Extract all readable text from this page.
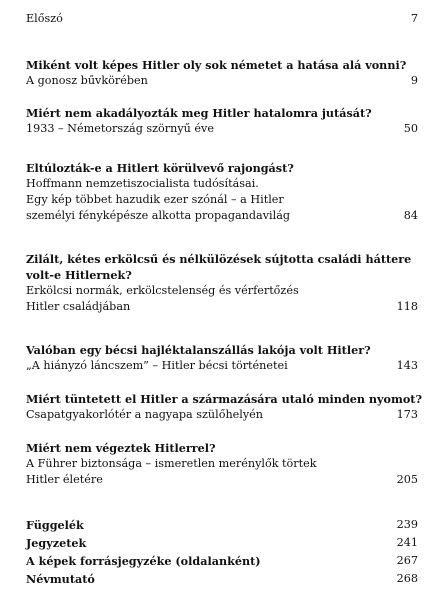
Előszó	7
Miként volt képes Hitler oly sok németet a hatása alá vonni?
A gonosz bűvkörében	9
Miért nem akadályozták meg Hitler hatalomra jutását?
1933 – Németország szörnyű éve	50
Eltúlozták-e a Hitlert körülvevő rajongást?
Hoffmann nemzetiszocialista tudósításai.
Egy kép többet hazudik ezer szónál – a Hitler
személyi fényképésze alkotta propagandavilág	84
Zilált, kétes erkölcsű és nélkülözések sújtotta családi háttere
volt-e Hitlernek?
Erkölcsi normák, erkölcstelenség és vérfertőzés
Hitler családjában	118
Valóban egy bécsi hajléktalanszállás lakója volt Hitler?
„A hiányzó láncszem” – Hitler bécsi történetei	143
Miért tüntetett el Hitler a származására utaló minden nyomot?
Csapatgyakorlótér a nagyapa szülőhelyén	173
Miért nem végeztek Hitlerrel?
A Führer biztonsága – ismeretlen merénylők törtek
Hitler életére	205
Függelék	239
Jegyzetek	241
A képek forrásjegyzéke (oldalanként)	267
Névmutató	268
